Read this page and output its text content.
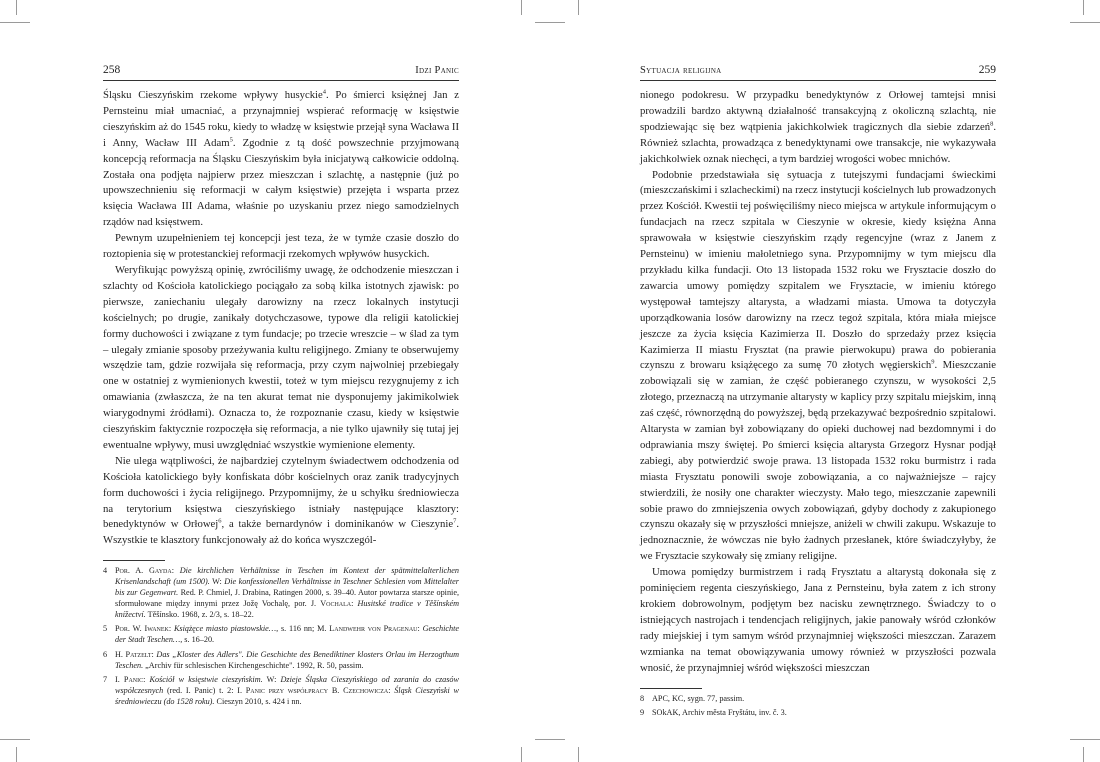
258	Idzi Panic

Śląsku Cieszyńskim rzekome wpływy husyckie$^4$. Po śmierci księżnej Jan z Pernsteinu miał umacniać, a przynajmniej wspierać reformację w księstwie cieszyńskim aż do 1545 roku, kiedy to władzę w księstwie przejął syna Wacława II i Anny, Wacław III Adam$^5$. Zgodnie z tą dość powszechnie przyjmowaną koncepcją reformacja na Śląsku Cieszyńskim była inicjatywą całkowicie oddolną. Została ona podjęta najpierw przez mieszczan i szlachtę, a następnie (już po upowszechnieniu się reformacji w całym księstwie) przejęta i wsparta przez księcia Wacława III Adama, właśnie po uzyskaniu przez niego samodzielnych rządów nad księstwem.

Pewnym uzupełnieniem tej koncepcji jest teza, że w tymże czasie doszło do roztopienia się w protestanckiej reformacji rzekomych wpływów husyckich.

Weryfikując powyższą opinię, zwróciliśmy uwagę, że odchodzenie mieszczan i szlachty od Kościoła katolickiego pociągało za sobą kilka istotnych zjawisk: po pierwsze, zaniechaniu ulegały darowizny na rzecz lokalnych instytucji kościelnych; po drugie, zanikały dotychczasowe, typowe dla religii katolickiej formy duchowości i związane z tym fundacje; po trzecie wreszcie – w ślad za tym – ulegały zmianie sposoby przeżywania kultu religijnego. Zmiany te obserwujemy wszędzie tam, gdzie rozwijała się reformacja, przy czym najwolniej przebiegały one w ostatniej z wymienionych kwestii, toteż w tym miejscu rezygnujemy z ich omawiania (zwłaszcza, że na ten akurat temat nie dysponujemy jakimikolwiek wiarygodnymi źródłami). Oznacza to, że rozpoznanie czasu, kiedy w księstwie cieszyńskim faktycznie rozpoczęła się reformacja, a nie tylko ujawniły się tutaj jej ewentualne wpływy, musi uwzględniać wszystkie wymienione elementy.

Nie ulega wątpliwości, że najbardziej czytelnym świadectwem odchodzenia od Kościoła katolickiego były konfiskata dóbr kościelnych oraz zanik tradycyjnych form duchowości i życia religijnego. Przypomnijmy, że u schyłku średniowiecza na terytorium księstwa cieszyńskiego istniały następujące klasztory: benedyktynów w Orłowej$^6$, a także bernardynów i dominikanów w Cieszynie$^7$. Wszystkie te klasztory funkcjonowały aż do końca wyszczegól-

4 Por. A. Gayda: Die kirchlichen Verhältnisse in Teschen im Kontext der spätmittelalterlichen Krisenlandschaft (um 1500). W: Die konfessionellen Verhältnisse in Teschner Schlesien vom Mittelalter bis zur Gegenwart. Red. P. Chmiel, J. Drabina, Ratingen 2000, s. 39–40. Autor powtarza starsze opinie, sformułowane między innymi przez Jožę Vochalę, por. J. Vochala: Husitské tradice v Těšínském knížectví. Těšínsko. 1968, z. 2/3, s. 18–22.
5 Por. W. Iwanek: Książęce miasto piastowskie…, s. 116 nn; M. Landwehr von Pragenau: Geschichte der Stadt Teschen…, s. 16–20.
6 H. Patzelt: Das „Kloster des Adlers". Die Geschichte des Benediktiner klosters Orlau im Herzogthum Teschen. „Archiv für schlesischen Kirchengeschichte". 1992, R. 50, passim.
7 I. Panic: Kościół w księstwie cieszyńskim. W: Dzieje Śląska Cieszyńskiego od zarania do czasów współczesnych (red. I. Panic) t. 2: I. Panic przy współpracy B. Czechowicza: Śląsk Cieszyński w średniowieczu (do 1528 roku). Cieszyn 2010, s. 424 i nn.
Sytuacja religijna	259

nionego podokresu. W przypadku benedyktynów z Orłowej tamtejsi mnisi prowadzili bardzo aktywną działalność transakcyjną z okoliczną szlachtą, nie spodziewając się bez wątpienia jakichkolwiek tragicznych dla siebie zdarzeń$^8$. Również szlachta, prowadząca z benedyktynami owe transakcje, nie wykazywała jakichkolwiek oznak niechęci, a tym bardziej wrogości wobec mnichów.

Podobnie przedstawiała się sytuacja z tutejszymi fundacjami świeckimi (mieszczańskimi i szlacheckimi) na rzecz instytucji kościelnych lub prowadzonych przez Kościół. Kwestii tej poświęciliśmy nieco miejsca w artykule informującym o fundacjach na rzecz szpitala w Cieszynie w okresie, kiedy księżna Anna sprawowała w księstwie cieszyńskim rządy regencyjne (wraz z Janem z Pernsteinu) w imieniu małoletniego syna. Przypomnijmy w tym miejscu dla przykładu kilka fundacji. Oto 13 listopada 1532 roku we Frysztacie doszło do zawarcia umowy pomiędzy szpitalem we Frysztacie, w imieniu którego występował tamtejszy altarysta, a władzami miasta. Umowa ta dotyczyła uporządkowania losów darowizny na rzecz tegoż szpitala, która miała miejsce jeszcze za życia księcia Kazimierza II. Doszło do sprzedaży przez księcia Kazimierza II miastu Frysztat (na prawie pierwokupu) prawa do pobierania czynszu z browaru książęcego za sumę 70 złotych węgierskich$^9$. Mieszczanie zobowiązali się w zamian, że część pobieranego czynszu, w wysokości 2,5 złotego, przeznaczą na utrzymanie altarysty w kaplicy przy szpitalu miejskim, inną zaś część, równorzędną do powyższej, będą przekazywać bezpośrednio szpitalowi. Altarysta w zamian był zobowiązany do opieki duchowej nad bezdomnymi i do odprawiania mszy świętej. Po śmierci księcia altarysta Grzegorz Hysnar podjął zabiegi, aby potwierdzić swoje prawa. 13 listopada 1532 roku burmistrz i rada miasta Frysztatu ponowili swoje zobowiązania, a co najważniejsze – rajcy stwierdzili, że nosiły one charakter wieczysty. Mało tego, mieszczanie zapewnili sobie prawo do zmniejszenia owych zobowiązań, gdyby dochody z zakupionego czynszu okazały się w przyszłości mniejsze, aniżeli w chwili zakupu. Wskazuje to jednoznacznie, że wówczas nie było żadnych przesłanek, które świadczyłyby, że we Frysztacie szykowały się zmiany religijne.

Umowa pomiędzy burmistrzem i radą Frysztatu a altarystą dokonała się z pominięciem regenta cieszyńskiego, Jana z Pernsteinu, była zatem z ich strony krokiem dobrowolnym, podjętym bez nacisku zewnętrznego. Świadczy to o istniejących nastrojach i tendencjach religijnych, jakie panowały wśród członków rady miejskiej i tym samym wśród przynajmniej większości mieszczan. Zarazem wzmianka na temat obowiązywania umowy również w przyszłości pozwala wnosić, że przynajmniej wśród większości mieszczan

8 APC, KC, sygn. 77, passim.
9 SOkAK, Archiv města Fryštátu, inv. č. 3.
